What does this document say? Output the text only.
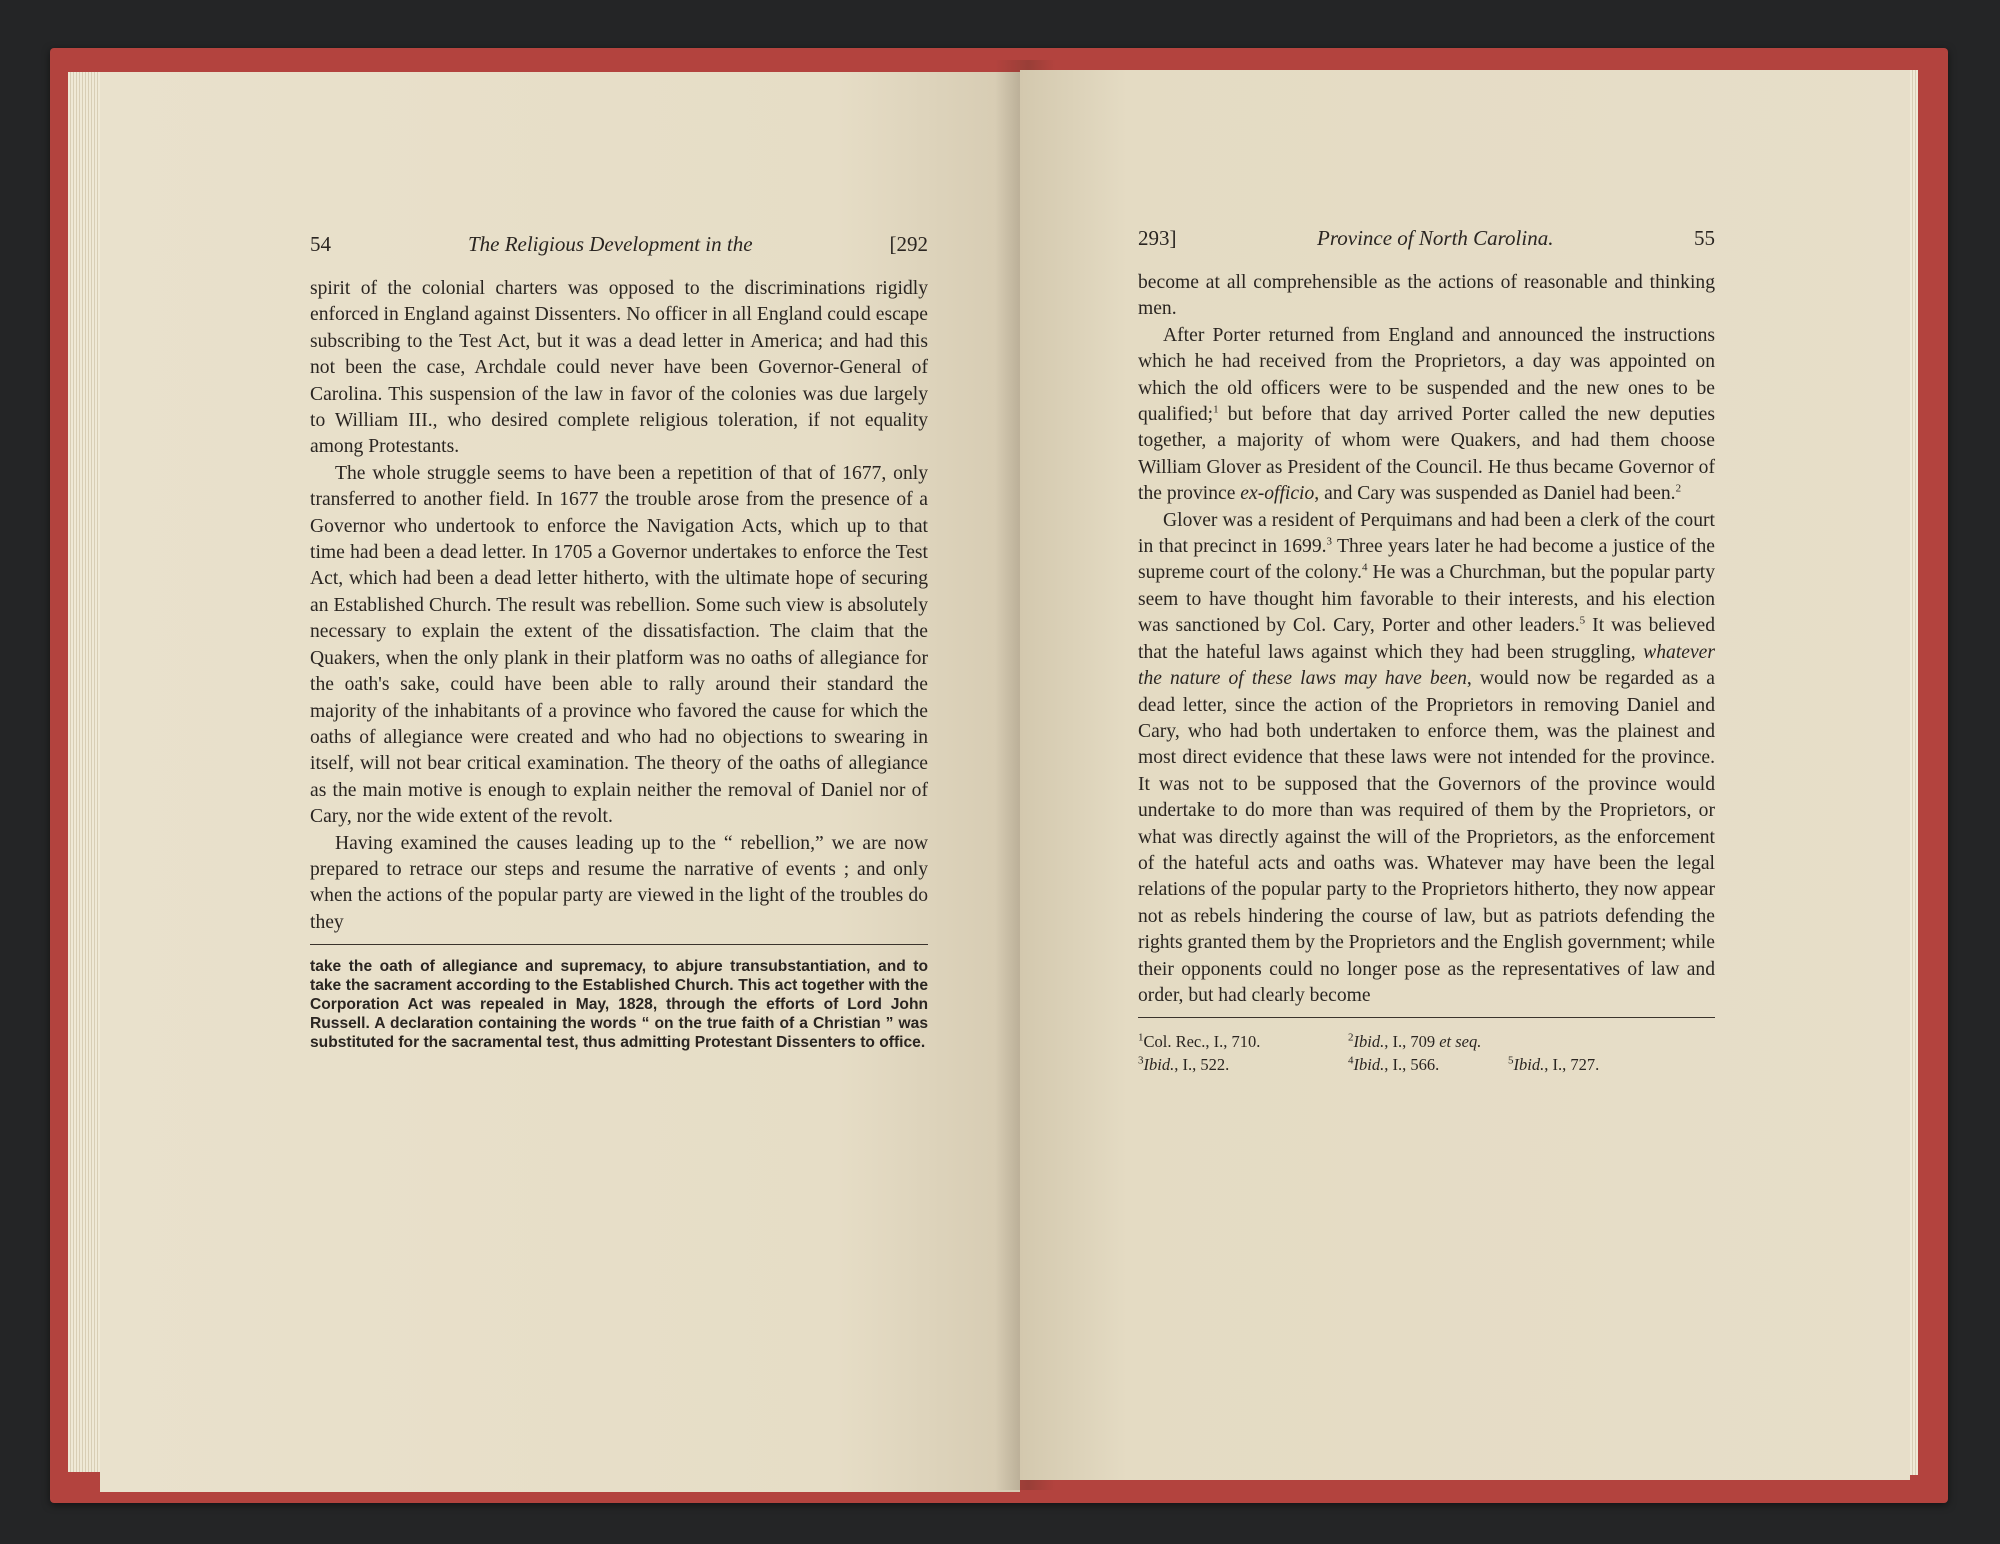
54	The Religious Development in the	[292

spirit of the colonial charters was opposed to the discriminations rigidly enforced in England against Dissenters. No officer in all England could escape subscribing to the Test Act, but it was a dead letter in America; and had this not been the case, Archdale could never have been Governor-General of Carolina. This suspension of the law in favor of the colonies was due largely to William III., who desired complete religious toleration, if not equality among Protestants.

The whole struggle seems to have been a repetition of that of 1677, only transferred to another field. In 1677 the trouble arose from the presence of a Governor who undertook to enforce the Navigation Acts, which up to that time had been a dead letter. In 1705 a Governor undertakes to enforce the Test Act, which had been a dead letter hitherto, with the ultimate hope of securing an Established Church. The result was rebellion. Some such view is absolutely necessary to explain the extent of the dissatisfaction. The claim that the Quakers, when the only plank in their platform was no oaths of allegiance for the oath's sake, could have been able to rally around their standard the majority of the inhabitants of a province who favored the cause for which the oaths of allegiance were created and who had no objections to swearing in itself, will not bear critical examination. The theory of the oaths of allegiance as the main motive is enough to explain neither the removal of Daniel nor of Cary, nor the wide extent of the revolt.

Having examined the causes leading up to the “ rebellion,” we are now prepared to retrace our steps and resume the narrative of events ; and only when the actions of the popular party are viewed in the light of the troubles do they

take the oath of allegiance and supremacy, to abjure transubstantiation, and to take the sacrament according to the Established Church. This act together with the Corporation Act was repealed in May, 1828, through the efforts of Lord John Russell. A declaration containing the words “ on the true faith of a Christian ” was substituted for the sacramental test, thus admitting Protestant Dissenters to office.

293]	Province of North Carolina.	55

become at all comprehensible as the actions of reasonable and thinking men.

After Porter returned from England and announced the instructions which he had received from the Proprietors, a day was appointed on which the old officers were to be suspended and the new ones to be qualified;$^1$ but before that day arrived Porter called the new deputies together, a majority of whom were Quakers, and had them choose William Glover as President of the Council. He thus became Governor of the province ex-officio, and Cary was suspended as Daniel had been.$^2$

Glover was a resident of Perquimans and had been a clerk of the court in that precinct in 1699.$^3$ Three years later he had become a justice of the supreme court of the colony.$^4$ He was a Churchman, but the popular party seem to have thought him favorable to their interests, and his election was sanctioned by Col. Cary, Porter and other leaders.$^5$ It was believed that the hateful laws against which they had been struggling, whatever the nature of these laws may have been, would now be regarded as a dead letter, since the action of the Proprietors in removing Daniel and Cary, who had both undertaken to enforce them, was the plainest and most direct evidence that these laws were not intended for the province. It was not to be supposed that the Governors of the province would undertake to do more than was required of them by the Proprietors, or what was directly against the will of the Proprietors, as the enforcement of the hateful acts and oaths was. Whatever may have been the legal relations of the popular party to the Proprietors hitherto, they now appear not as rebels hindering the course of law, but as patriots defending the rights granted them by the Proprietors and the English government; while their opponents could no longer pose as the representatives of law and order, but had clearly become

$^1$Col. Rec., I., 710.	$^2$Ibid., I., 709 et seq.
$^3$Ibid., I., 522.	$^4$Ibid., I., 566.	$^5$Ibid., I., 727.
